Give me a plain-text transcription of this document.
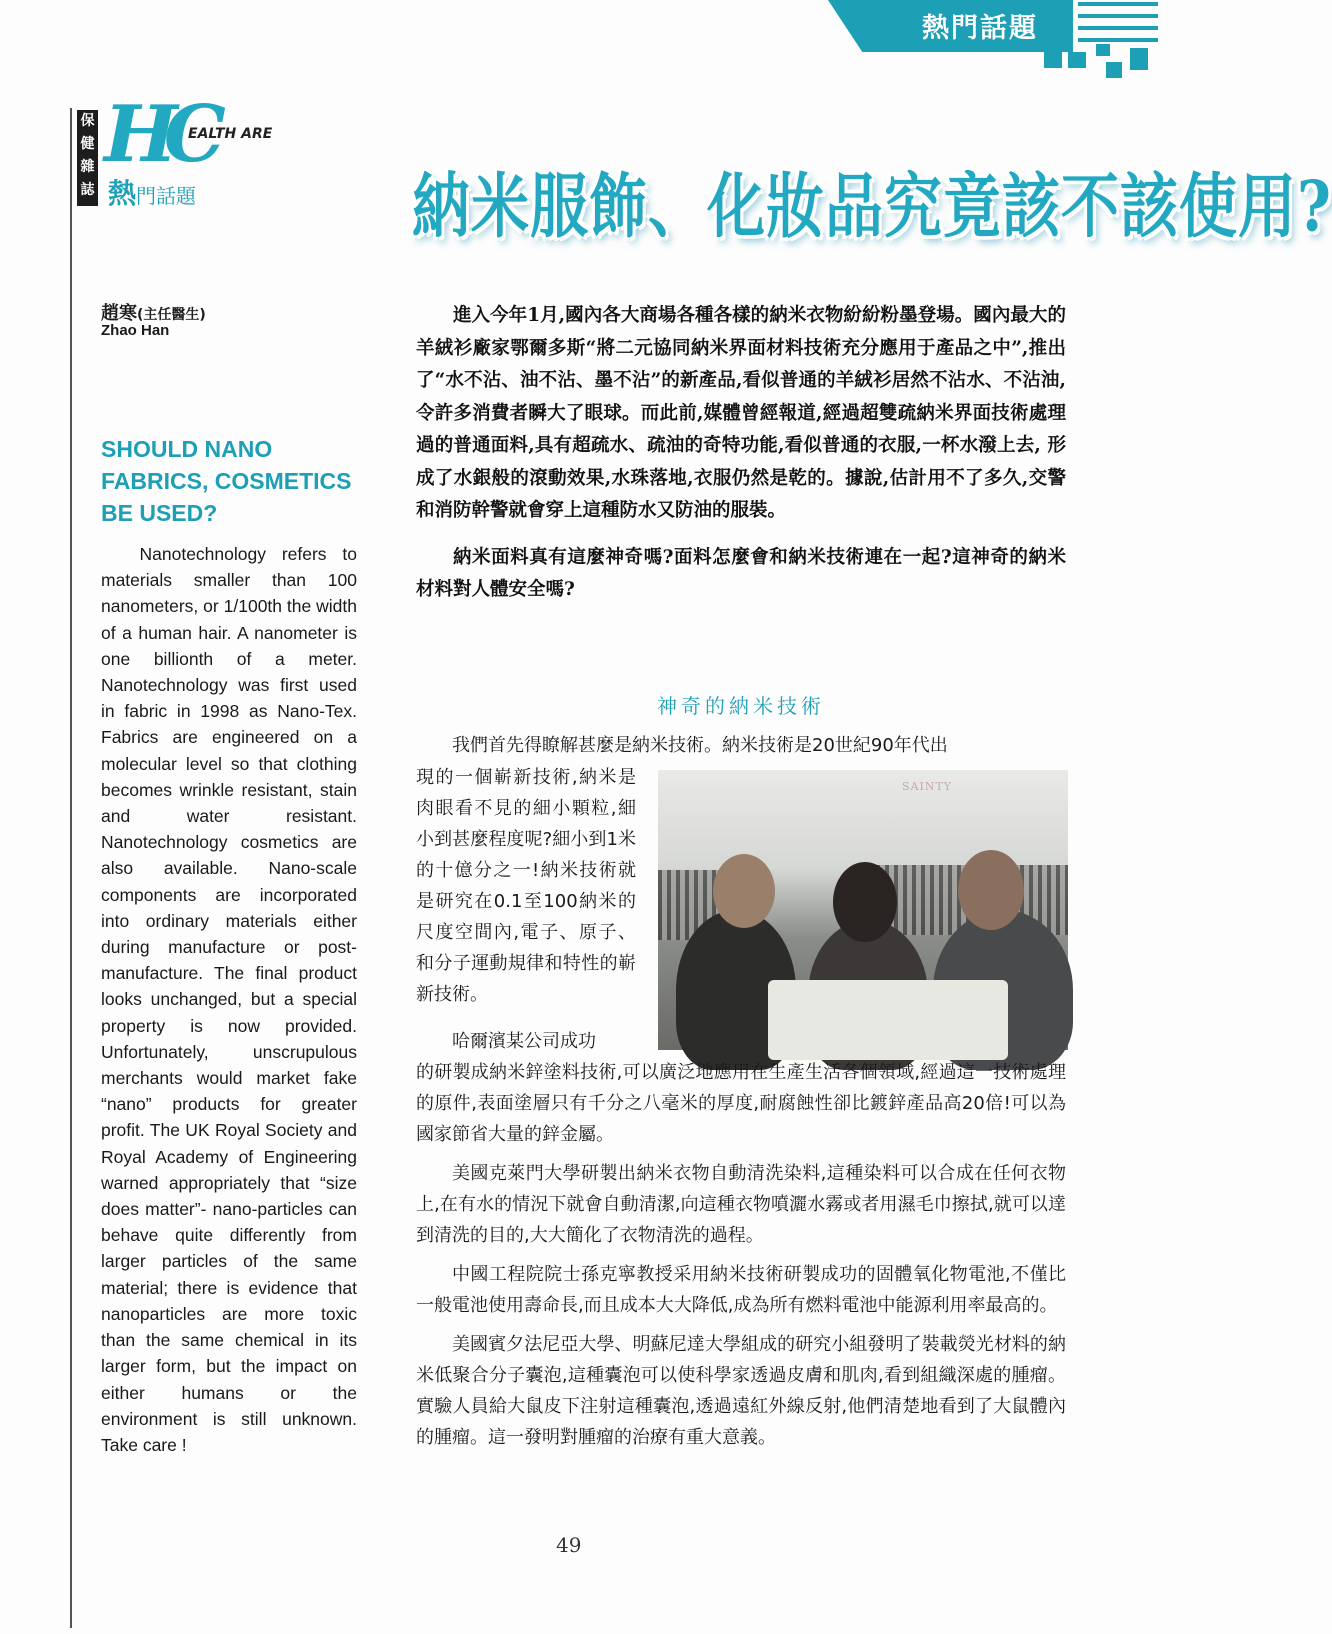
熱門話題
保健雜誌
HC
EALTH ARE
熱門話題	納米服飾、化妝品究竟該不該使用?
趙寒(主任醫生)
Zhao Han
SHOULD NANO FABRICS, COSMETICS BE USED?
Nanotechnology refers to materials smaller than 100 nanometers, or 1/100th the width of a human hair. A nanometer is one billionth of a meter. Nanotechnology was first used in fabric in 1998 as Nano-Tex. Fabrics are engineered on a molecular level so that clothing becomes wrinkle resistant, stain and water resistant. Nanotechnology cosmetics are also available. Nano-scale components are incorporated into ordinary materials either during manufacture or post-manufacture. The final product looks unchanged, but a special property is now provided. Unfortunately, unscrupulous merchants would market fake “nano” products for greater profit. The UK Royal Society and Royal Academy of Engineering warned appropriately that “size does matter”- nano-particles can behave quite differently from larger particles of the same material; there is evidence that nanoparticles are more toxic than the same chemical in its larger form, but the impact on either humans or the environment is still unknown. Take care !

進入今年1月,國內各大商場各種各樣的納米衣物紛紛粉墨登場。國內最大的羊絨衫廠家鄂爾多斯“將二元協同納米界面材料技術充分應用于產品之中”,推出了“水不沾、油不沾、墨不沾”的新產品,看似普通的羊絨衫居然不沾水、不沾油,令許多消費者瞬大了眼球。而此前,媒體曾經報道,經過超雙疏納米界面技術處理過的普通面料,具有超疏水、疏油的奇特功能,看似普通的衣服,一杯水潑上去, 形成了水銀般的滾動效果,水珠落地,衣服仍然是乾的。據說,估計用不了多久,交警和消防幹警就會穿上這種防水又防油的服裝。

納米面料真有這麼神奇嗎?面料怎麼會和納米技術連在一起?這神奇的納米材料對人體安全嗎?

神奇的納米技術
我們首先得瞭解甚麼是納米技術。納米技術是20世紀90年代出
現的一個嶄新技術,納米是肉眼看不見的細小顆粒,細小到甚麼程度呢?細小到1米的十億分之一!納米技術就是研究在0.1至100納米的尺度空間內,電子、原子、和分子運動規律和特性的嶄新技術。
哈爾濱某公司成功
SAINTY

的研製成納米鋅塗料技術,可以廣泛地應用在生產生活各個領域,經過這一技術處理的原件,表面塗層只有千分之八毫米的厚度,耐腐蝕性卻比鍍鋅產品高20倍!可以為國家節省大量的鋅金屬。

美國克萊門大學研製出納米衣物自動清洗染料,這種染料可以合成在任何衣物上,在有水的情況下就會自動清潔,向這種衣物噴灑水霧或者用濕毛巾擦拭,就可以達到清洗的目的,大大簡化了衣物清洗的過程。

中國工程院院士孫克寧教授采用納米技術研製成功的固體氧化物電池,不僅比一般電池使用壽命長,而且成本大大降低,成為所有燃料電池中能源利用率最高的。

美國賓夕法尼亞大學、明蘇尼達大學組成的研究小組發明了裝載熒光材料的納米低聚合分子囊泡,這種囊泡可以使科學家透過皮膚和肌肉,看到組織深處的腫瘤。實驗人員給大鼠皮下注射這種囊泡,透過遠紅外線反射,他們清楚地看到了大鼠體內的腫瘤。這一發明對腫瘤的治療有重大意義。

49
